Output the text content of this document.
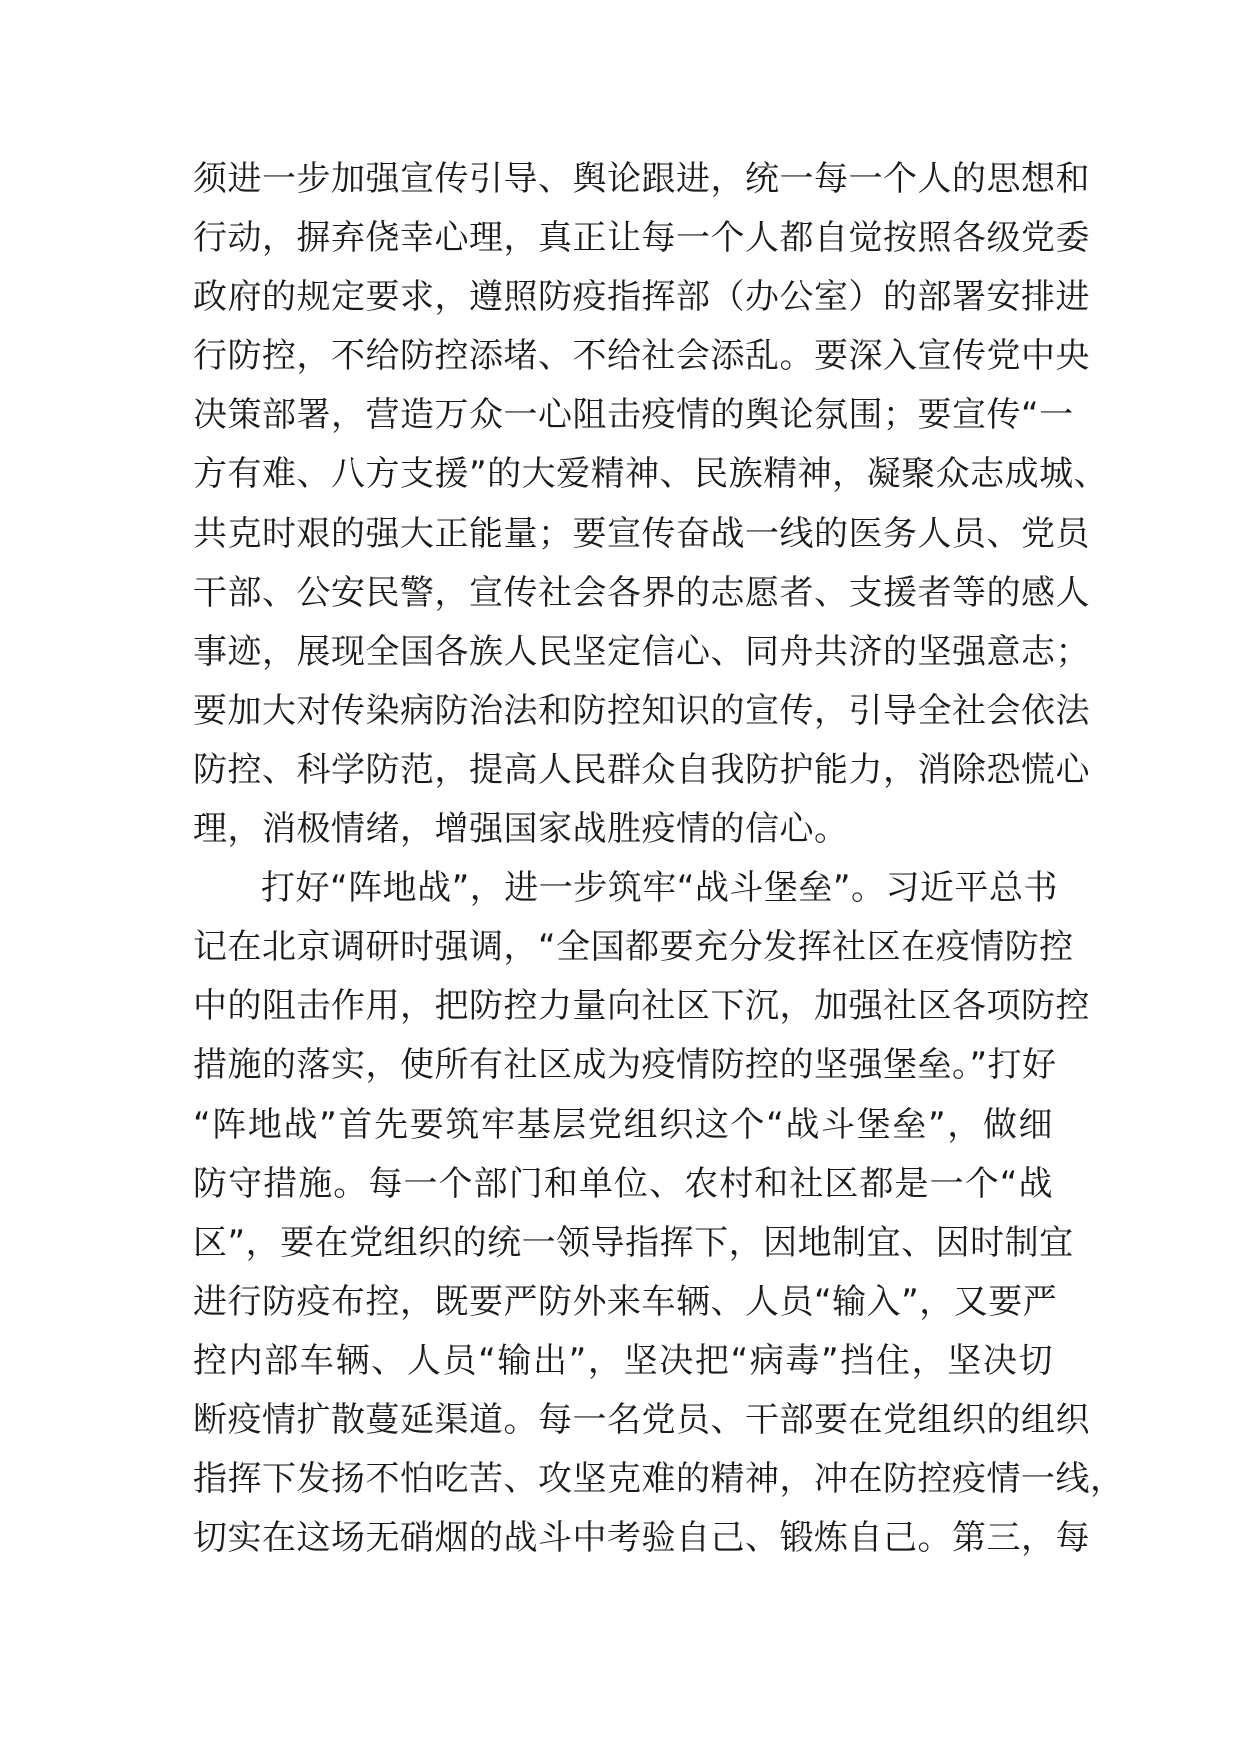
须进一步加强宣传引导、舆论跟进，统一每一个人的思想和
行动，摒弃侥幸心理，真正让每一个人都自觉按照各级党委
政府的规定要求，遵照防疫指挥部（办公室）的部署安排进
行防控，不给防控添堵、不给社会添乱。要深入宣传党中央
决策部署，营造万众一心阻击疫情的舆论氛围；要宣传“一
方有难、八方支援”的大爱精神、民族精神，凝聚众志成城、
共克时艰的强大正能量；要宣传奋战一线的医务人员、党员
干部、公安民警，宣传社会各界的志愿者、支援者等的感人
事迹，展现全国各族人民坚定信心、同舟共济的坚强意志；
要加大对传染病防治法和防控知识的宣传，引导全社会依法
防控、科学防范，提高人民群众自我防护能力，消除恐慌心
理，消极情绪，增强国家战胜疫情的信心。
打好“阵地战”，进一步筑牢“战斗堡垒”。习近平总书
记在北京调研时强调，“全国都要充分发挥社区在疫情防控
中的阻击作用，把防控力量向社区下沉，加强社区各项防控
措施的落实，使所有社区成为疫情防控的坚强堡垒。”打好
“阵地战”首先要筑牢基层党组织这个“战斗堡垒”，做细
防守措施。每一个部门和单位、农村和社区都是一个“战
区”，要在党组织的统一领导指挥下，因地制宜、因时制宜
进行防疫布控，既要严防外来车辆、人员“输入”，又要严
控内部车辆、人员“输出”，坚决把“病毒”挡住，坚决切
断疫情扩散蔓延渠道。每一名党员、干部要在党组织的组织
指挥下发扬不怕吃苦、攻坚克难的精神，冲在防控疫情一线，
切实在这场无硝烟的战斗中考验自己、锻炼自己。第三，每
